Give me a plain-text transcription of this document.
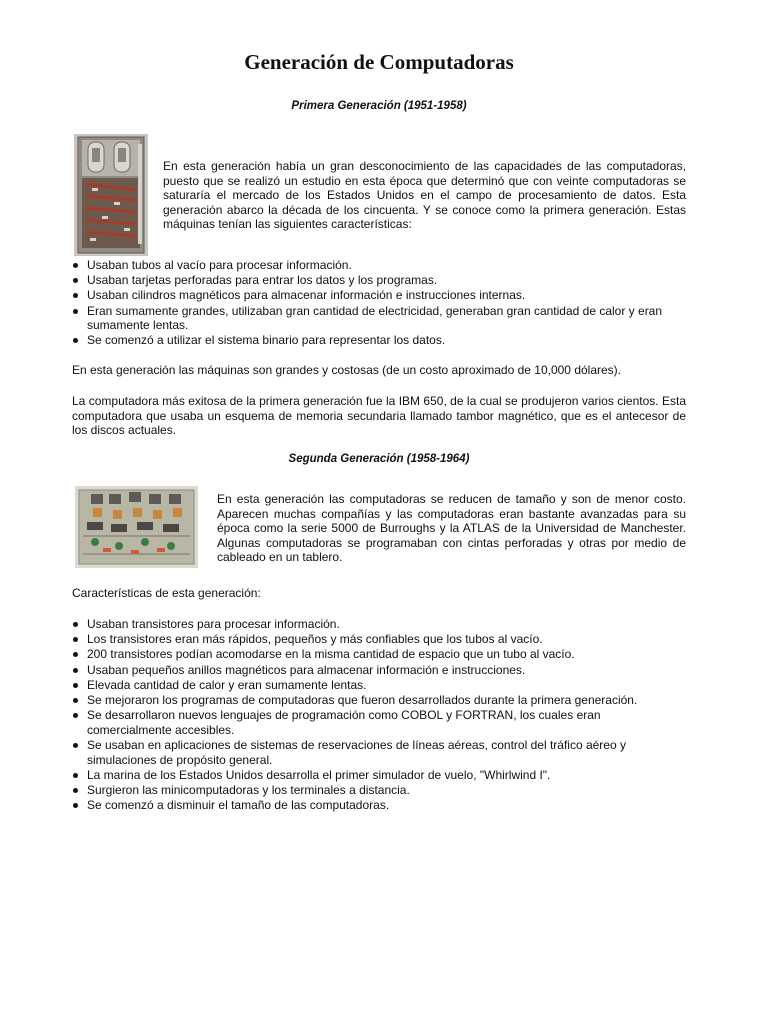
Generación de Computadoras

Primera Generación (1951-1958)

En esta generación había un gran desconocimiento de las capacidades de las computadoras, puesto que se realizó un estudio en esta época que determinó que con veinte computadoras se saturaría el mercado de los Estados Unidos en el campo de procesamiento de datos. Esta generación abarco la década de los cincuenta. Y se conoce como la primera generación. Estas máquinas tenían las siguientes características:

Usaban tubos al vacío para procesar información.
Usaban tarjetas perforadas para entrar los datos y los programas.
Usaban cilindros magnéticos para almacenar información e instrucciones internas.
Eran sumamente grandes, utilizaban gran cantidad de electricidad, generaban gran cantidad de calor y eran sumamente lentas.
Se comenzó a utilizar el sistema binario para representar los datos.

En esta generación las máquinas son grandes y costosas (de un costo aproximado de 10,000 dólares).

La computadora más exitosa de la primera generación fue la IBM 650, de la cual se produjeron varios cientos. Esta computadora que usaba un esquema de memoria secundaria llamado tambor magnético, que es el antecesor de los discos actuales.

Segunda Generación (1958-1964)

En esta generación las computadoras se reducen de tamaño y son de menor costo. Aparecen muchas compañías y las computadoras eran bastante avanzadas para su época como la serie 5000 de Burroughs y la ATLAS de la Universidad de Manchester. Algunas computadoras se programaban con cintas perforadas y otras por medio de cableado en un tablero.

Características de esta generación:

Usaban transistores para procesar información.
Los transistores eran más rápidos, pequeños y más confiables que los tubos al vacío.
200 transistores podían acomodarse en la misma cantidad de espacio que un tubo al vacío.
Usaban pequeños anillos magnéticos para almacenar información e instrucciones.
Elevada cantidad de calor y eran sumamente lentas.
Se mejoraron los programas de computadoras que fueron desarrollados durante la primera generación.
Se desarrollaron nuevos lenguajes de programación como COBOL y FORTRAN, los cuales eran comercialmente accesibles.
Se usaban en aplicaciones de sistemas de reservaciones de líneas aéreas, control del tráfico aéreo y simulaciones de propósito general.
La marina de los Estados Unidos desarrolla el primer simulador de vuelo, "Whirlwind I".
Surgieron las minicomputadoras y los terminales a distancia.
Se comenzó a disminuir el tamaño de las computadoras.
